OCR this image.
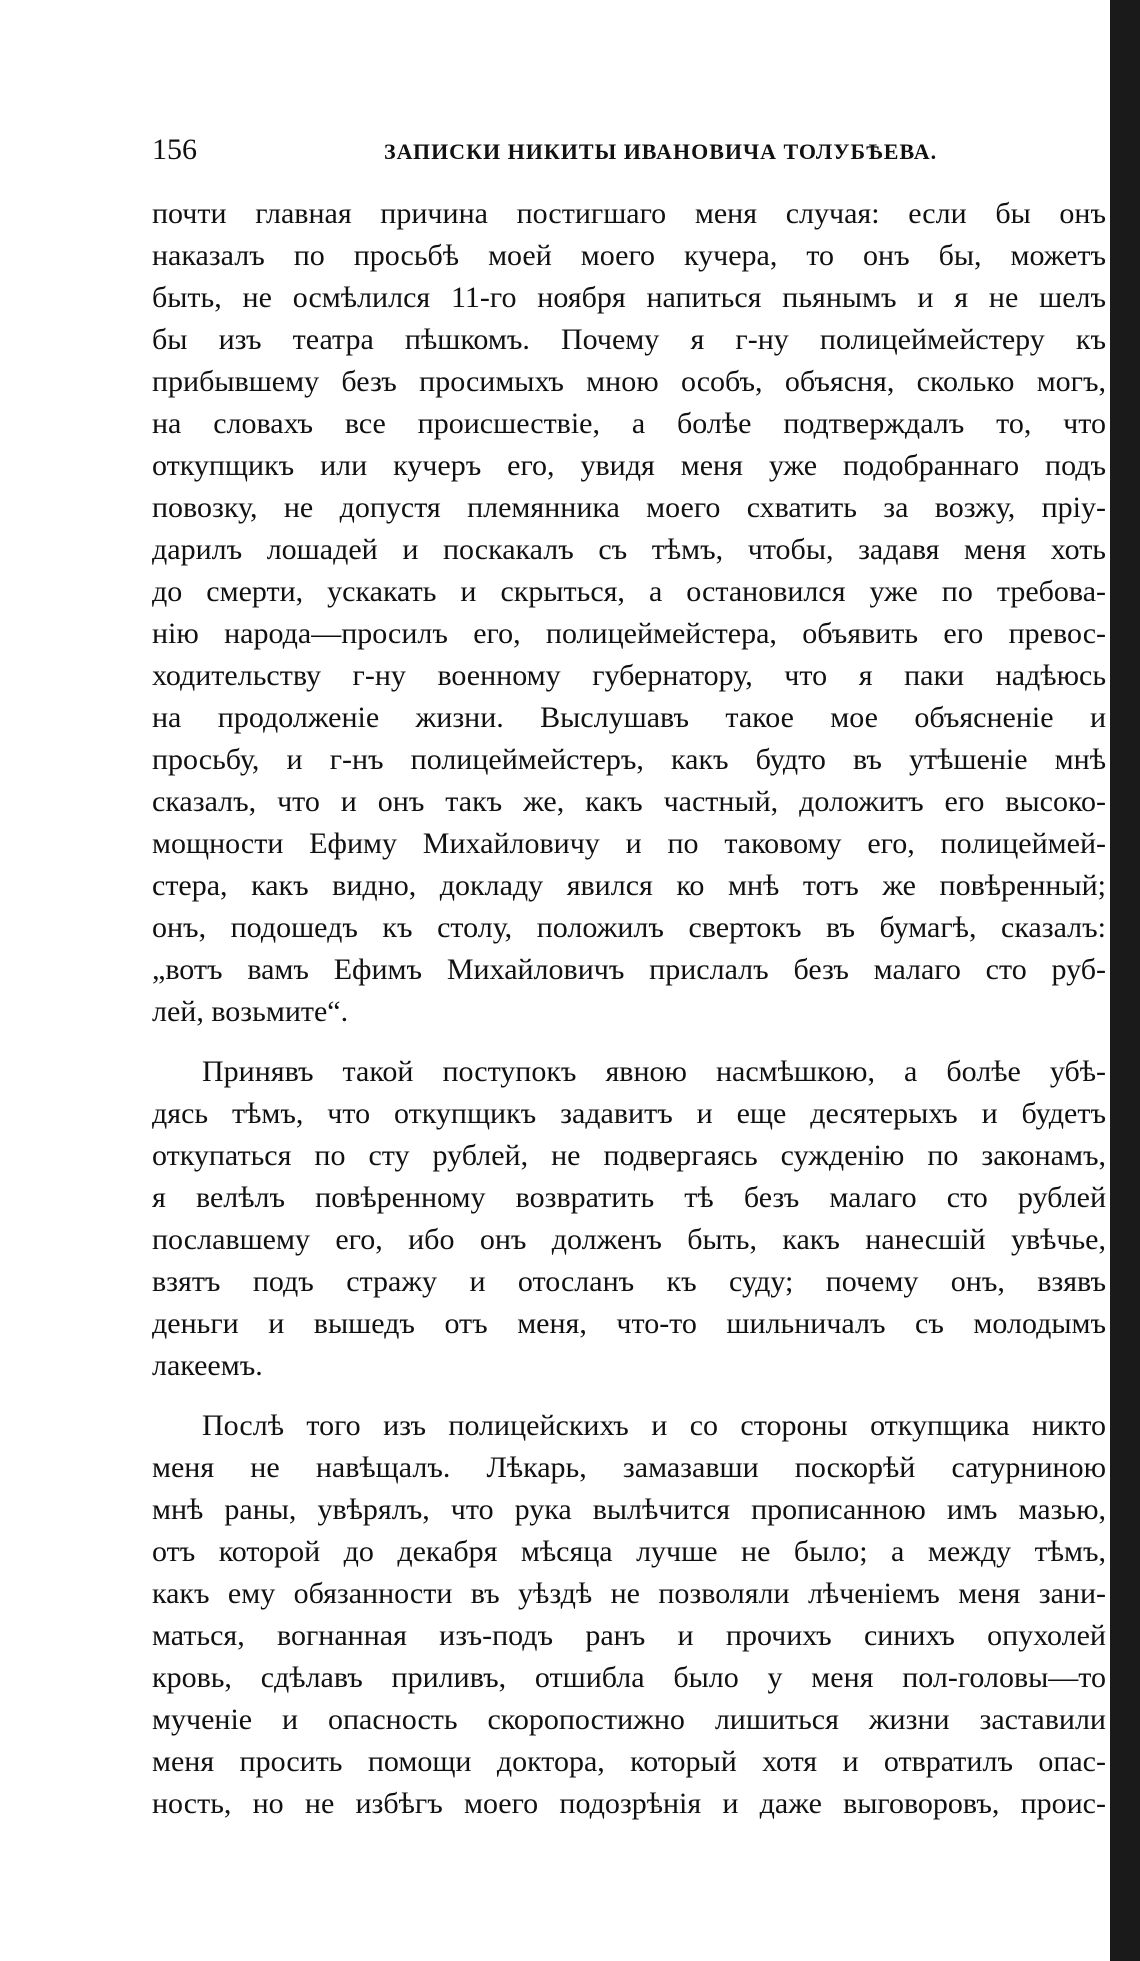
156	ЗАПИСКИ НИКИТЫ ИВАНОВИЧА ТОЛУБѢЕВА.
почти главная причина постигшаго меня случая: если бы онъ
наказалъ по просьбѣ моей моего кучера, то онъ бы, можетъ
быть, не осмѣлился 11-го ноября напиться пьянымъ и я не шелъ
бы изъ театра пѣшкомъ. Почему я г-ну полицеймейстеру къ
прибывшему безъ просимыхъ мною особъ, объясня, сколько могъ,
на словахъ все происшествіе, а болѣе подтверждалъ то, что
откупщикъ или кучеръ его, увидя меня уже подобраннаго подъ
повозку, не допустя племянника моего схватить за возжу, пріу-
дарилъ лошадей и поскакалъ съ тѣмъ, чтобы, задавя меня хоть
до смерти, ускакать и скрыться, а остановился уже по требова-
нію народа—просилъ его, полицеймейстера, объявить его превос-
ходительству г-ну военному губернатору, что я паки надѣюсь
на продолженіе жизни. Выслушавъ такое мое объясненіе и
просьбу, и г-нъ полицеймейстеръ, какъ будто въ утѣшеніе мнѣ
сказалъ, что и онъ такъ же, какъ частный, доложитъ его высоко-
мощности Ефиму Михайловичу и по таковому его, полицеймей-
стера, какъ видно, докладу явился ко мнѣ тотъ же повѣренный;
онъ, подошедъ къ столу, положилъ свертокъ въ бумагѣ, сказалъ:
„вотъ вамъ Ефимъ Михайловичъ прислалъ безъ малаго сто руб-
лей, возьмите“.
Принявъ такой поступокъ явною насмѣшкою, а болѣе убѣ-
дясь тѣмъ, что откупщикъ задавитъ и еще десятерыхъ и будетъ
откупаться по сту рублей, не подвергаясь сужденію по законамъ,
я велѣлъ повѣренному возвратить тѣ безъ малаго сто рублей
пославшему его, ибо онъ долженъ быть, какъ нанесшій увѣчье,
взятъ подъ стражу и отосланъ къ суду; почему онъ, взявъ
деньги и вышедъ отъ меня, что-то шильничалъ съ молодымъ
лакеемъ.
Послѣ того изъ полицейскихъ и со стороны откупщика никто
меня не навѣщалъ. Лѣкарь, замазавши поскорѣй сатурниною
мнѣ раны, увѣрялъ, что рука вылѣчится прописанною имъ мазью,
отъ которой до декабря мѣсяца лучше не было; а между тѣмъ,
какъ ему обязанности въ уѣздѣ не позволяли лѣченіемъ меня зани-
маться, вогнанная изъ-подъ ранъ и прочихъ синихъ опухолей
кровь, сдѣлавъ приливъ, отшибла было у меня пол-головы—то
мученіе и опасность скоропостижно лишиться жизни заставили
меня просить помощи доктора, который хотя и отвратилъ опас-
ность, но не избѣгъ моего подозрѣнія и даже выговоровъ, проис-
